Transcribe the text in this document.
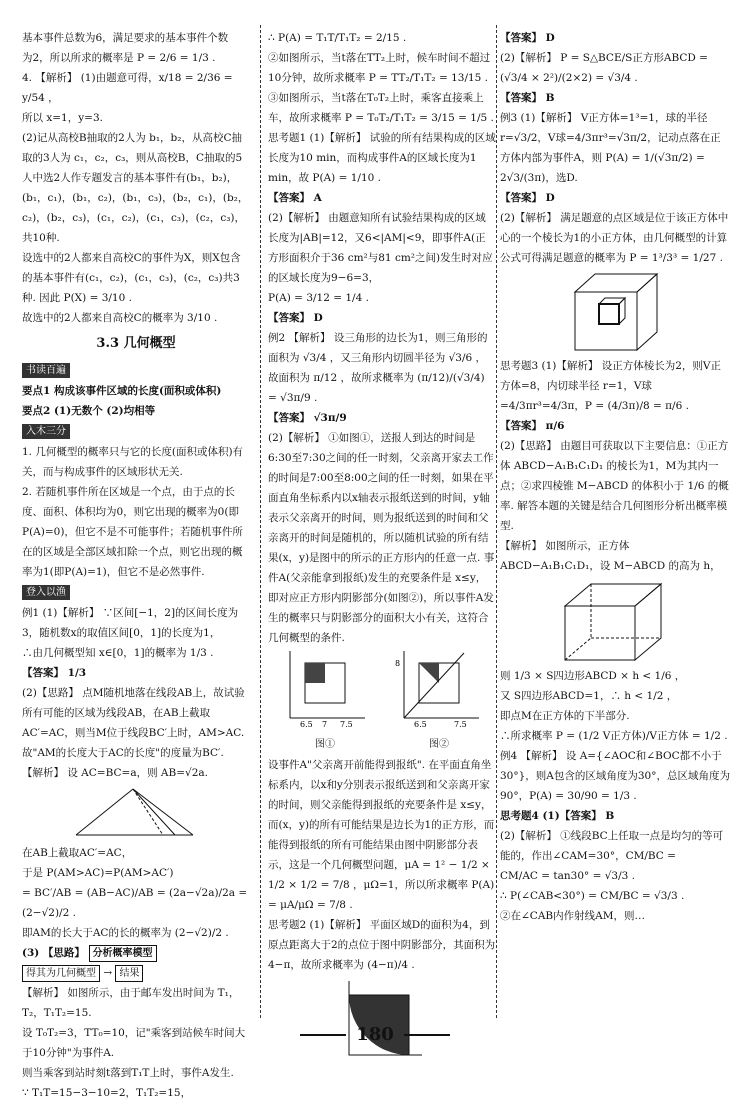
基本事件总数为6，满足要求的基本事件个数

为2，所以所求的概率是 P = 2/6 = 1/3 .

4. 【解析】 (1)由题意可得，x/18 = 2/36 = y/54 ，

所以 x=1，y=3.

(2)记从高校B抽取的2人为 b₁，b₂，从高校C抽取的3人为 c₁，c₂，c₃，则从高校B，C抽取的5人中选2人作专题发言的基本事件有(b₁，b₂)，(b₁，c₁)，(b₁，c₂)，(b₁，c₃)，(b₂，c₁)，(b₂，c₂)，(b₂，c₃)，(c₁，c₂)，(c₁，c₃)，(c₂，c₃)，共10种.

设选中的2人都来自高校C的事件为X，则X包含的基本事件有(c₁，c₂)，(c₁，c₃)，(c₂，c₃)共3种. 因此 P(X) = 3/10 .

故选中的2人都来自高校C的概率为 3/10 .

3.3 几何概型
书读百遍

要点1 构成该事件区域的长度(面积或体积)

要点2 (1)无数个 (2)均相等

入木三分

1. 几何概型的概率只与它的长度(面积或体积)有关，而与构成事件的区域形状无关.

2. 若随机事件所在区域是一个点，由于点的长度、面积、体积均为0，则它出现的概率为0(即P(A)=0)，但它不是不可能事件；若随机事件所在的区域是全部区域扣除一个点，则它出现的概率为1(即P(A)=1)，但它不是必然事件.

登入以渔

例1 (1)【解析】 ∵区间[−1，2]的区间长度为3，随机数x的取值区间[0，1]的长度为1，

∴由几何概型知 x∈[0，1]的概率为 1/3 .

【答案】 1/3

(2)【思路】 点M随机地落在线段AB上，故试验所有可能的区域为线段AB，在AB上截取AC′=AC，则当M位于线段BC′上时，AM>AC. 故"AM的长度大于AC的长度"的度量为BC′.

【解析】 设 AC=BC=a，则 AB=√2a.

在AB上截取AC′=AC，

于是 P(AM>AC)=P(AM>AC′)

= BC′/AB = (AB−AC)/AB = (2a−√2a)/2a = (2−√2)/2 .

即AM的长大于AC的长的概率为 (2−√2)/2 .

(3) 【思路】 分析概率模型

得其为几何概型 → 结果

【解析】 如图所示，由于邮车发出时间为 T₁，T₂，T₁T₂=15.

设 T₀T₂=3，TT₀=10，记"乘客到站候车时间大于10分钟"为事件A.

则当乘客到站时刻t落到T₁T上时，事件A发生.

∵ T₁T=15−3−10=2，T₁T₂=15，

∴ P(A) = T₁T/T₁T₂ = 2/15 .

②如图所示，当t落在TT₂上时，候车时间不超过10分钟，故所求概率 P = TT₂/T₁T₂ = 13/15 .

③如图所示，当t落在T₀T₂上时，乘客直接乘上车，故所求概率 P = T₀T₂/T₁T₂ = 3/15 = 1/5 .

思考题1 (1)【解析】 试验的所有结果构成的区域长度为10 min，而构成事件A的区域长度为1 min，故 P(A) = 1/10 .

【答案】 A

(2)【解析】 由题意知所有试验结果构成的区域长度为|AB|=12，又6<|AM|<9，即事件A(正方形面积介于36 cm²与81 cm²之间)发生时对应的区域长度为9−6=3，

P(A) = 3/12 = 1/4 .

【答案】 D

例2 【解析】 设三角形的边长为1，则三角形的面积为 √3/4 ，又三角形内切圆半径为 √3/6 ，

故面积为 π/12 ，故所求概率为 (π/12)/(√3/4) = √3π/9 .

【答案】 √3π/9

(2)【解析】 ①如图①，送报人到达的时间是6:30至7:30之间的任一时刻，父亲离开家去工作的时间是7:00至8:00之间的任一时刻，如果在平面直角坐标系内以x轴表示报纸送到的时间，y轴表示父亲离开的时间，则为报纸送到的时间和父亲离开的时间是随机的，所以随机试验的所有结果(x，y)是图中的所示的正方形内的任意一点. 事件A(父亲能拿到报纸)发生的充要条件是 x≤y，即对应正方形内阴影部分(如图②)，所以事件A发生的概率只与阴影部分的面积大小有关，这符合几何概型的条件.

6.5 7 7.5
图①
8
6.5	7.5
图②

设事件A"父亲离开前能得到报纸". 在平面直角坐标系内，以x和y分别表示报纸送到和父亲离开家的时间，则父亲能得到报纸的充要条件是 x≤y，而(x，y)的所有可能结果是边长为1的正方形，而能得到报纸的所有可能结果由图中阴影部分表示，这是一个几何概型问题，μA = 1² − 1/2 × 1/2 × 1/2 = 7/8 ，μΩ=1，所以所求概率 P(A) = μA/μΩ = 7/8 .

思考题2 (1)【解析】 平面区域D的面积为4，到原点距离大于2的点位于图中阴影部分，其面积为4−π，故所求概率为 (4−π)/4 .

【答案】 D

(2)【解析】 P = S△BCE/S正方形ABCD = (√3/4 × 2²)/(2×2) = √3/4 .

【答案】 B

例3 (1)【解析】 V正方体=1³=1，球的半径 r=√3/2，V球=4/3πr³=√3π/2，记动点落在正方体内部为事件A，则 P(A) = 1/(√3π/2) = 2√3/(3π)，选D.

【答案】 D

(2)【解析】 满足题意的点区域是位于该正方体中心的一个棱长为1的小正方体，由几何概型的计算公式可得满足题意的概率为 P = 1³/3³ = 1/27 .

思考题3 (1)【解析】 设正方体棱长为2，则V正方体=8，内切球半径 r=1，V球=4/3πr³=4/3π，P = (4/3π)/8 = π/6 .

【答案】 π/6

(2)【思路】 由题目可获取以下主要信息：①正方体 ABCD−A₁B₁C₁D₁ 的棱长为1，M为其内一点；②求四棱锥 M−ABCD 的体积小于 1/6 的概率. 解答本题的关键是结合几何图形分析出概率模型.

【解析】 如图所示，正方体 ABCD−A₁B₁C₁D₁，设 M−ABCD 的高为 h，

则 1/3 × S四边形ABCD × h < 1/6 ，

又 S四边形ABCD=1，∴ h < 1/2 ，

即点M在正方体的下半部分.

∴所求概率 P = (1/2 V正方体)/V正方体 = 1/2 .

例4 【解析】 设 A={∠AOC和∠BOC都不小于30°}，则A包含的区域角度为30°，总区域角度为90°，P(A) = 30/90 = 1/3 .

思考题4 (1)【答案】 B

(2)【解析】 ①线段BC上任取一点是均匀的等可能的，作出∠CAM=30°，CM/BC =

CM/AC = tan30° = √3/3 .

∴ P(∠CAB<30°) = CM/BC = √3/3 .

②在∠CAB内作射线AM，则…

180
